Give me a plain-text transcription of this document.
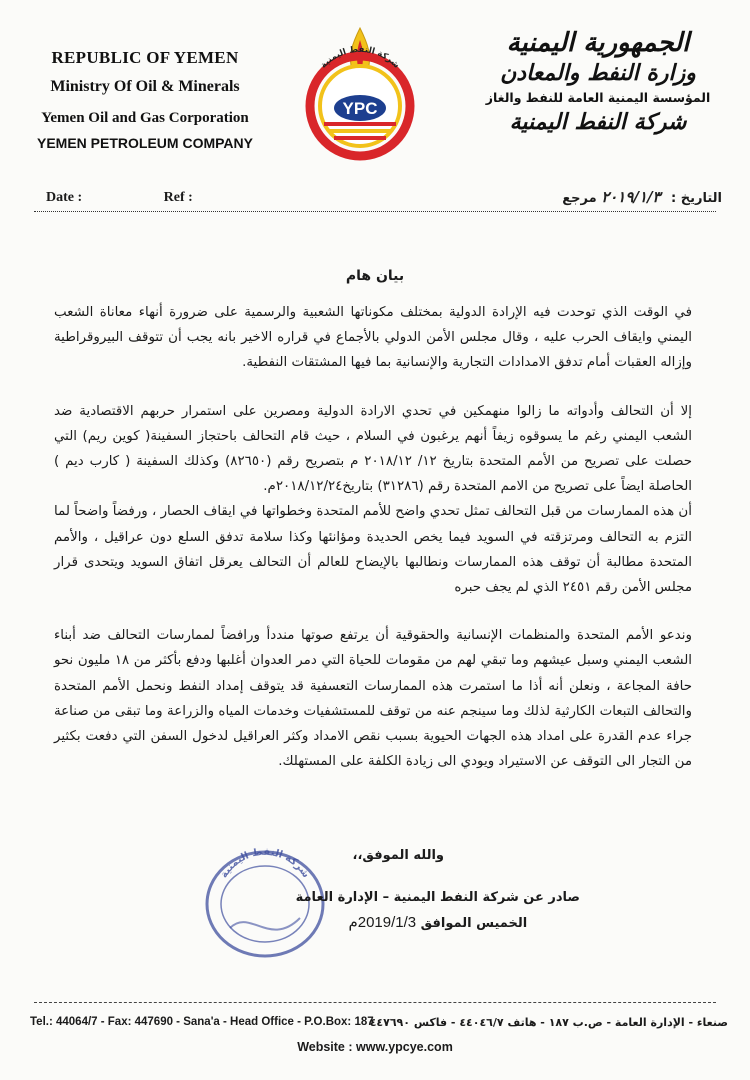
REPUBLIC OF YEMEN
Ministry Of Oil & Minerals
Yemen Oil and Gas Corporation
YEMEN PETROLEUM COMPANY
شركة النفط اليمنية
YPC
الجمهورية اليمنية
وزارة النفط والمعادن
المؤسسة اليمنية العامة للنفط والغاز
شركة النفط اليمنية
Date :	Ref :	التاريخ : ٢٠١٩/١/٣ مرجع
بيان هام

في الوقت الذي توحدت فيه الإرادة الدولية بمختلف مكوناتها الشعبية والرسمية على ضرورة أنهاء معاناة الشعب اليمني وايقاف الحرب عليه ، وقال مجلس الأمن الدولي بالأجماع في قراره الاخير بانه يجب أن تتوقف البيروقراطية وإزاله العقبات أمام تدفق الامدادات التجارية والإنسانية بما فيها المشتقات النفطية.

إلا أن التحالف وأدواته ما زالوا منهمكين في تحدي الارادة الدولية ومصرين على استمرار حربهم الاقتصادية ضد الشعب اليمني رغم ما يسوقوه زيفاً أنهم يرغبون في السلام ، حيث قام التحالف باحتجاز السفينة( كوين ريم) التي حصلت على تصريح من الأمم المتحدة بتاريخ ١٢/ ٢٠١٨/١٢ م بتصريح رقم (٨٢٦٥٠) وكذلك السفينة ( كارب ديم ) الحاصلة ايضاً على تصريح من الامم المتحدة رقم (٣١٢٨٦) بتاريخ٢٠١٨/١٢/٢٤م.

أن هذه الممارسات من قبل التحالف تمثل تحدي واضح للأمم المتحدة وخطواتها في ايقاف الحصار ، ورفضاً واضحاً لما التزم به التحالف ومرتزقته في السويد فيما يخص الحديدة ومؤانئها وكذا سلامة تدفق السلع دون عراقيل ، والأمم المتحدة مطالبة أن توقف هذه الممارسات ونطالبها بالإيضاح للعالم أن التحالف يعرقل اتفاق السويد ويتحدى قرار مجلس الأمن رقم ٢٤٥١ الذي لم يجف حبره

وندعو الأمم المتحدة والمنظمات الإنسانية والحقوقية أن يرتفع صوتها منددأ ورافضاً لممارسات التحالف ضد أبناء الشعب اليمني وسبل عيشهم وما تبقي لهم من مقومات للحياة التي دمر العدوان أغلبها ودفع بأكثر من ١٨ مليون نحو حافة المجاعة ، ونعلن أنه أذا ما استمرت هذه الممارسات التعسفية قد يتوقف إمداد النفط ونحمل الأمم المتحدة والتحالف التبعات الكارثية لذلك وما سينجم عنه من توقف للمستشفيات وخدمات المياه والزراعة وما تبقى من صناعة جراء عدم القدرة على امداد هذه الجهات الحيوية بسبب نقص الامداد وكثر العراقيل لدخول السفن التي دفعت بكثير من التجار الى التوقف عن الاستيراد ويودي الى زيادة الكلفة على المستهلك.

والله الموفق،،
شركة النفط اليمنية
صادر عن شركة النفط اليمنية – الإدارة العامة
الخميس الموافق 2019/1/3م
Tel.: 44064/7 - Fax: 447690 - Sana'a - Head Office - P.O.Box: 187
صنعاء - الإدارة العامة - ص.ب ١٨٧ - هاتف ٤٤٠٤٦/٧ - فاكس ٤٤٧٦٩٠
Website : www.ypcye.com
